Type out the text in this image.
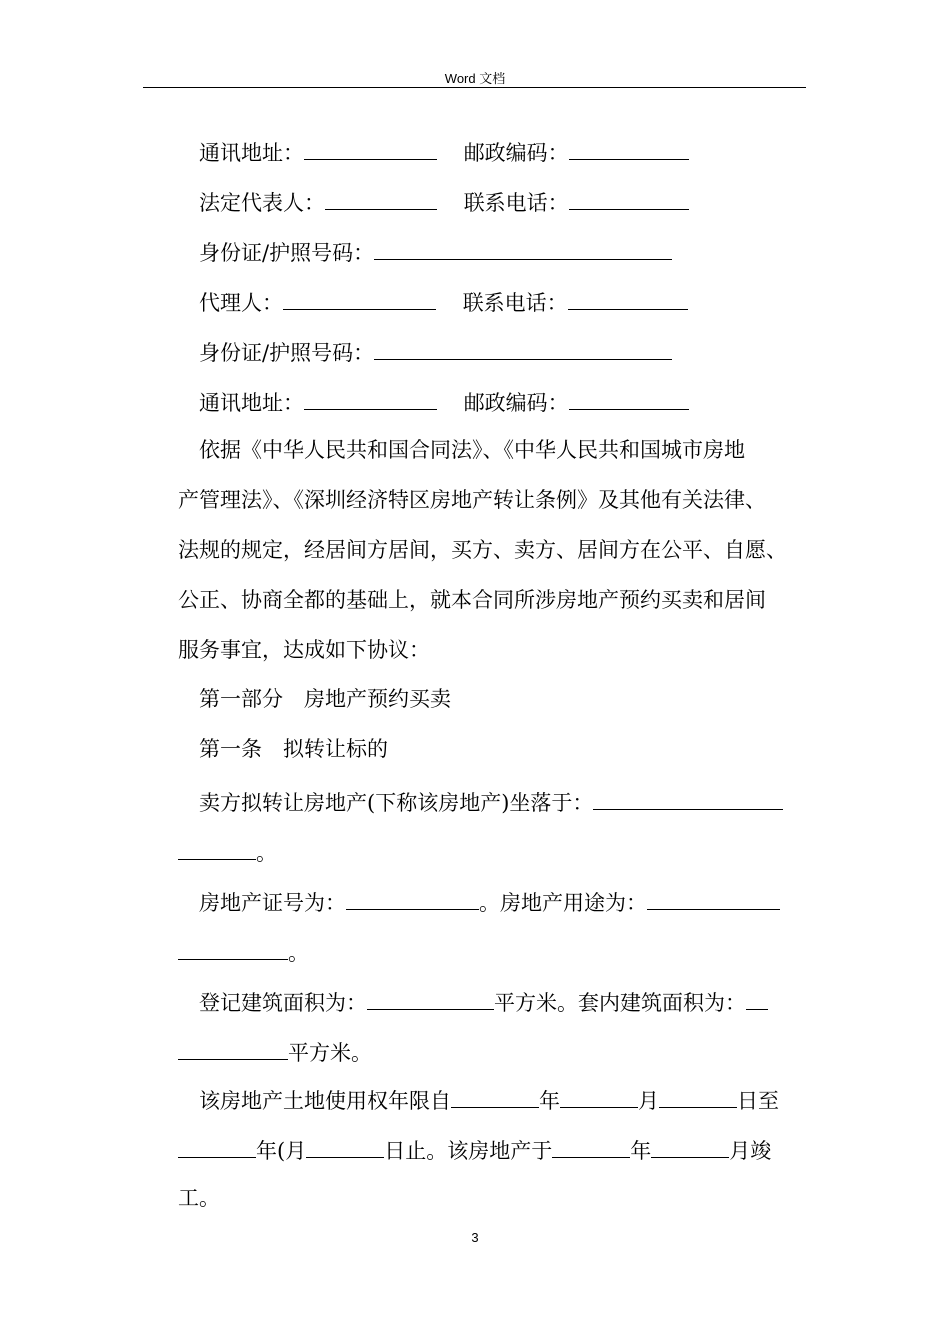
Word 文档
通讯地址：	邮政编码：
法定代表人：	联系电话：
身份证/护照号码：
代理人：	联系电话：
身份证/护照号码：
通讯地址：	邮政编码：
依据《中华人民共和国合同法》、《中华人民共和国城市房地
产管理法》、《深圳经济特区房地产转让条例》及其他有关法律、
法规的规定，经居间方居间，买方、卖方、居间方在公平、自愿、
公正、协商全都的基础上，就本合同所涉房地产预约买卖和居间
服务事宜，达成如下协议：
第一部分　房地产预约买卖
第一条　拟转让标的
卖方拟转让房地产(下称该房地产)坐落于：
。
房地产证号为：	。房地产用途为：
。
登记建筑面积为：	平方米。套内建筑面积为：
平方米。
该房地产土地使用权年限自	年	月	日至
年(月	日止。该房地产于	年	月竣
工。
3
